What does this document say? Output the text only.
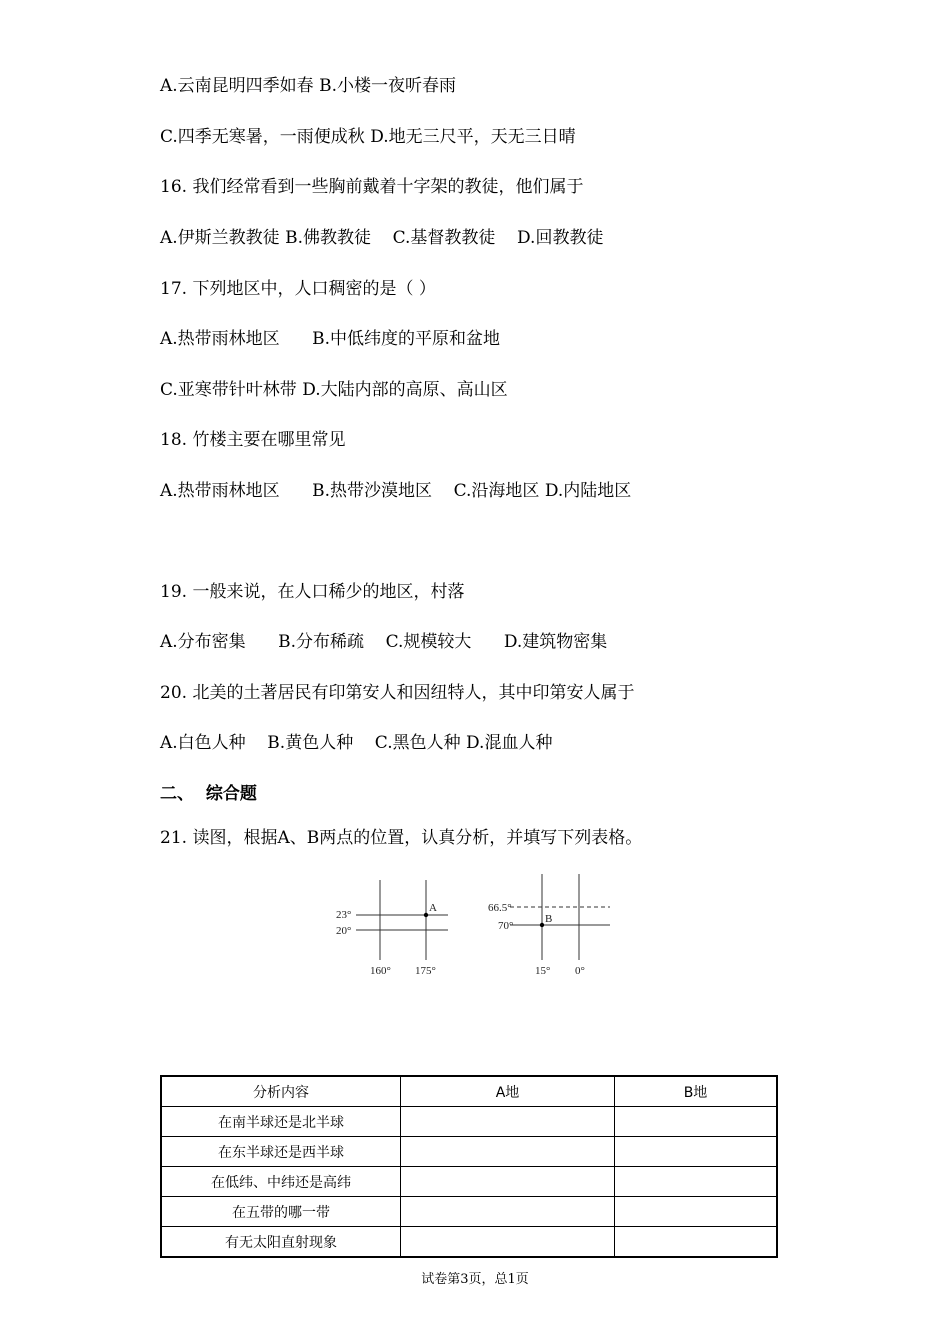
A.云南昆明四季如春 B.小楼一夜听春雨
C.四季无寒暑，一雨便成秋 D.地无三尺平，天无三日晴
16. 我们经常看到一些胸前戴着十字架的教徒，他们属于
A.伊斯兰教教徒 B.佛教教徒    C.基督教教徒    D.回教教徒
17. 下列地区中，人口稠密的是（ ）
A.热带雨林地区      B.中低纬度的平原和盆地
C.亚寒带针叶林带 D.大陆内部的高原、高山区
18. 竹楼主要在哪里常见
A.热带雨林地区      B.热带沙漠地区    C.沿海地区 D.内陆地区
19. 一般来说，在人口稀少的地区，村落
A.分布密集      B.分布稀疏    C.规模较大      D.建筑物密集
20. 北美的土著居民有印第安人和因纽特人，其中印第安人属于
A.白色人种    B.黄色人种    C.黑色人种 D.混血人种
二、  综合题
21. 读图，根据A、B两点的位置，认真分析，并填写下列表格。
23°
20°
160° 175°
A	66.5°
70°
15° 0°
B
分析内容	A地	B地
在南半球还是北半球		
在东半球还是西半球		
在低纬、中纬还是高纬		
在五带的哪一带		
有无太阳直射现象		
试卷第3页，总1页
